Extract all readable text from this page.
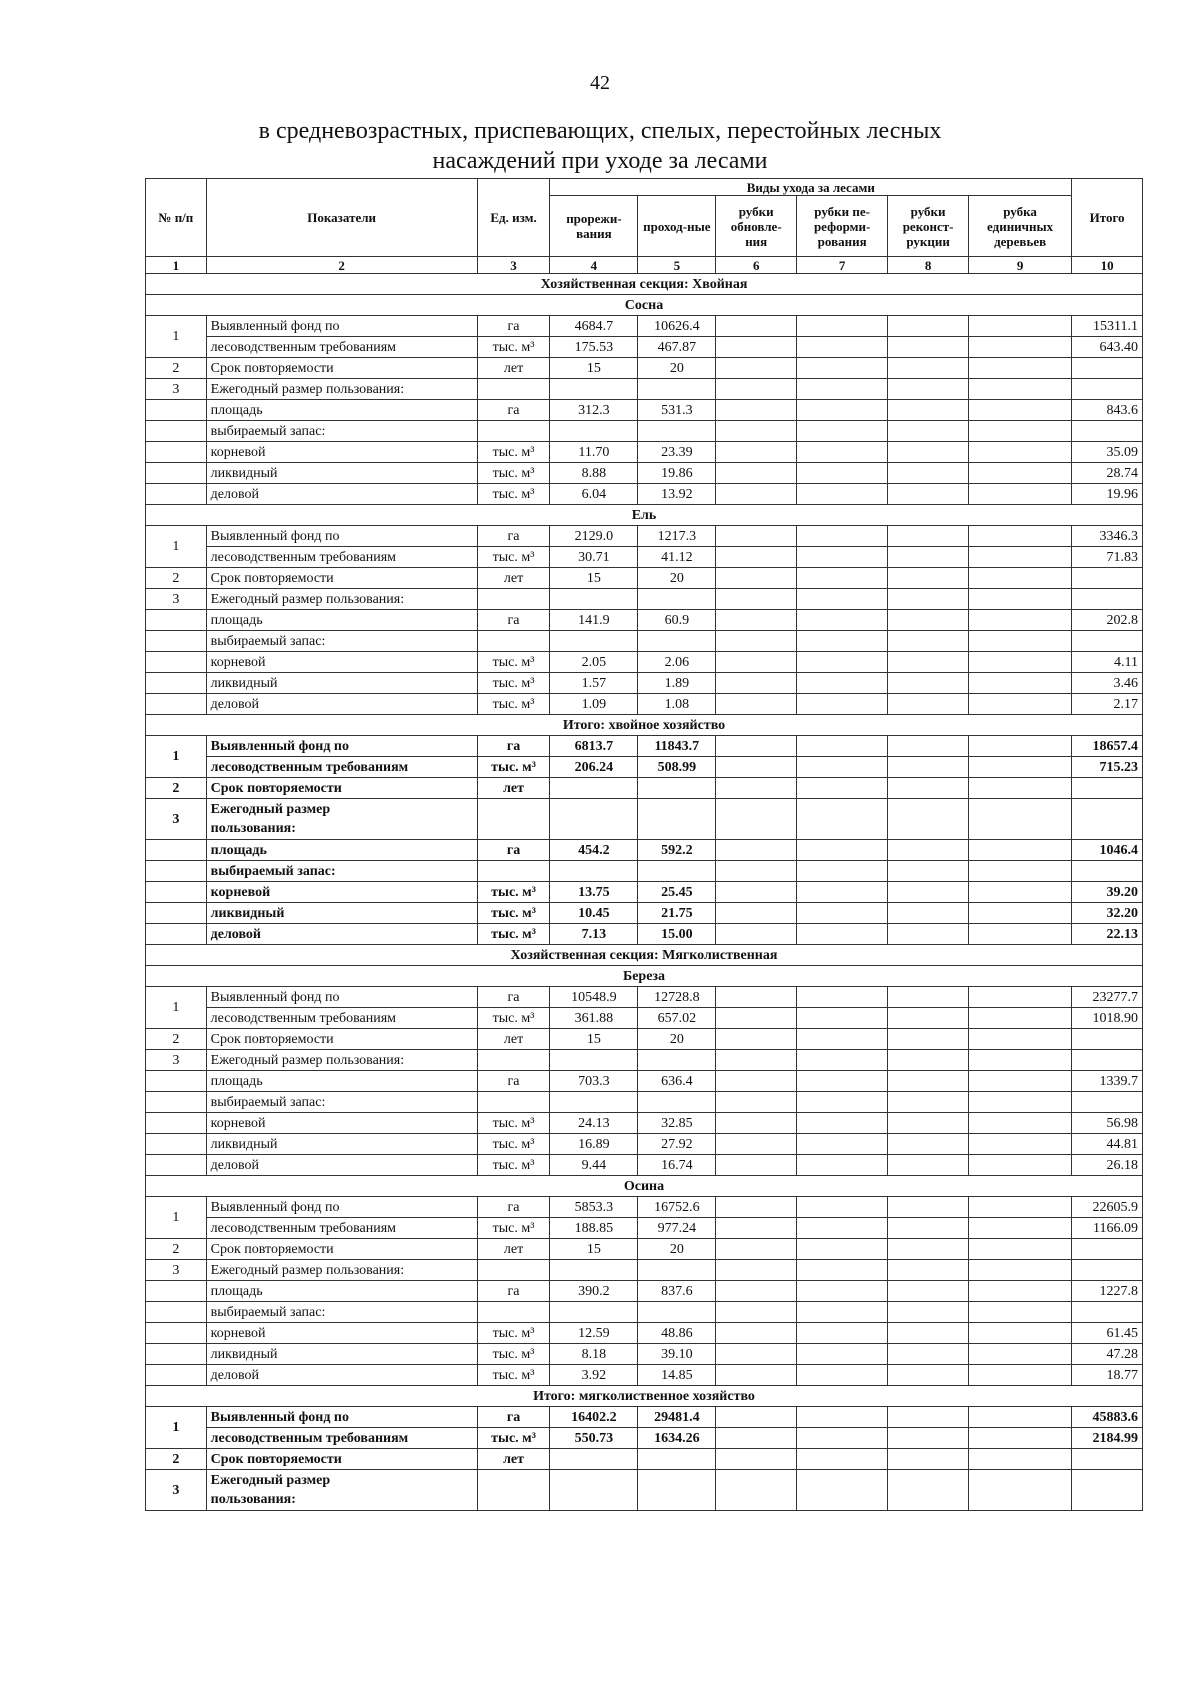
42
в средневозрастных, приспевающих, спелых, перестойных лесных
насаждений при уходе за лесами
№ п/п	Показатели	Ед. изм.	Виды ухода за лесами						Итого
			прорежи-вания	проход-ные	рубки обновле-ния	рубки пе-реформи-рования	рубки реконст-рукции	рубка единичных деревьев	
1	2	3	4	5	6	7	8	9	10
Хозяйственная секция: Хвойная									
Сосна									
1	Выявленный фонд по	га	4684.7	10626.4					15311.1
	лесоводственным требованиям	тыс. м³	175.53	467.87					643.40
2	Срок повторяемости	лет	15	20					
3	Ежегодный размер пользования:								
	площадь	га	312.3	531.3					843.6
	выбираемый запас:								
	корневой	тыс. м³	11.70	23.39					35.09
	ликвидный	тыс. м³	8.88	19.86					28.74
	деловой	тыс. м³	6.04	13.92					19.96
Ель									
1	Выявленный фонд по	га	2129.0	1217.3					3346.3
	лесоводственным требованиям	тыс. м³	30.71	41.12					71.83
2	Срок повторяемости	лет	15	20					
3	Ежегодный размер пользования:								
	площадь	га	141.9	60.9					202.8
	выбираемый запас:								
	корневой	тыс. м³	2.05	2.06					4.11
	ликвидный	тыс. м³	1.57	1.89					3.46
	деловой	тыс. м³	1.09	1.08					2.17
Итого: хвойное хозяйство									
1	Выявленный фонд по	га	6813.7	11843.7					18657.4
	лесоводственным требованиям	тыс. м³	206.24	508.99					715.23
2	Срок повторяемости	лет							
3	Ежегодный размер
пользования:								

	площадь	га	454.2	592.2					1046.4
	выбираемый запас:								
	корневой	тыс. м³	13.75	25.45					39.20
	ликвидный	тыс. м³	10.45	21.75					32.20
	деловой	тыс. м³	7.13	15.00					22.13
Хозяйственная секция: Мягколиственная									
Береза									
1	Выявленный фонд по	га	10548.9	12728.8					23277.7
	лесоводственным требованиям	тыс. м³	361.88	657.02					1018.90
2	Срок повторяемости	лет	15	20					
3	Ежегодный размер пользования:								
	площадь	га	703.3	636.4					1339.7
	выбираемый запас:								
	корневой	тыс. м³	24.13	32.85					56.98
	ликвидный	тыс. м³	16.89	27.92					44.81
	деловой	тыс. м³	9.44	16.74					26.18
Осина									
1	Выявленный фонд по	га	5853.3	16752.6					22605.9
	лесоводственным требованиям	тыс. м³	188.85	977.24					1166.09
2	Срок повторяемости	лет	15	20					
3	Ежегодный размер пользования:								
	площадь	га	390.2	837.6					1227.8
	выбираемый запас:								
	корневой	тыс. м³	12.59	48.86					61.45
	ликвидный	тыс. м³	8.18	39.10					47.28
	деловой	тыс. м³	3.92	14.85					18.77
Итого: мягколиственное хозяйство									
1	Выявленный фонд по	га	16402.2	29481.4					45883.6
	лесоводственным требованиям	тыс. м³	550.73	1634.26					2184.99
2	Срок повторяемости	лет							
3	Ежегодный размер
пользования:								
